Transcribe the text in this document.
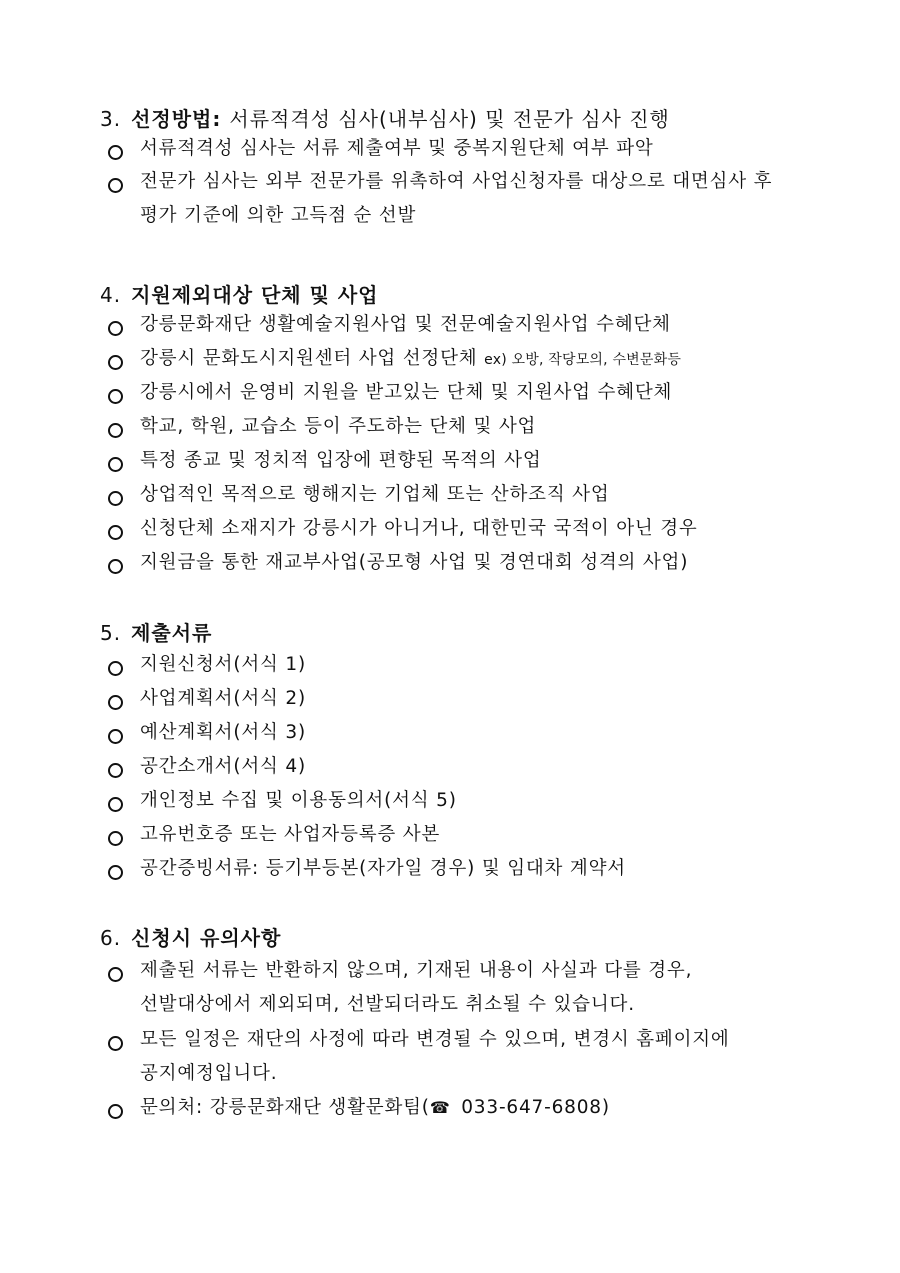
3. 선정방법: 서류적격성 심사(내부심사) 및 전문가 심사 진행
서류적격성 심사는 서류 제출여부 및 중복지원단체 여부 파악
전문가 심사는 외부 전문가를 위촉하여 사업신청자를 대상으로 대면심사 후
평가 기준에 의한 고득점 순 선발
4. 지원제외대상 단체 및 사업
강릉문화재단 생활예술지원사업 및 전문예술지원사업 수혜단체
강릉시 문화도시지원센터 사업 선정단체 ex) 오방, 작당모의, 수변문화등
강릉시에서 운영비 지원을 받고있는 단체 및 지원사업 수혜단체
학교, 학원, 교습소 등이 주도하는 단체 및 사업
특정 종교 및 정치적 입장에 편향된 목적의 사업
상업적인 목적으로 행해지는 기업체 또는 산하조직 사업
신청단체 소재지가 강릉시가 아니거나, 대한민국 국적이 아닌 경우
지원금을 통한 재교부사업(공모형 사업 및 경연대회 성격의 사업)
5. 제출서류
지원신청서(서식 1)
사업계획서(서식 2)
예산계획서(서식 3)
공간소개서(서식 4)
개인정보 수집 및 이용동의서(서식 5)
고유번호증 또는 사업자등록증 사본
공간증빙서류: 등기부등본(자가일 경우) 및 임대차 계약서
6. 신청시 유의사항
제출된 서류는 반환하지 않으며, 기재된 내용이 사실과 다를 경우,
선발대상에서 제외되며, 선발되더라도 취소될 수 있습니다.
모든 일정은 재단의 사정에 따라 변경될 수 있으며, 변경시 홈페이지에
공지예정입니다.
문의처: 강릉문화재단 생활문화팀(☎ 033-647-6808)
